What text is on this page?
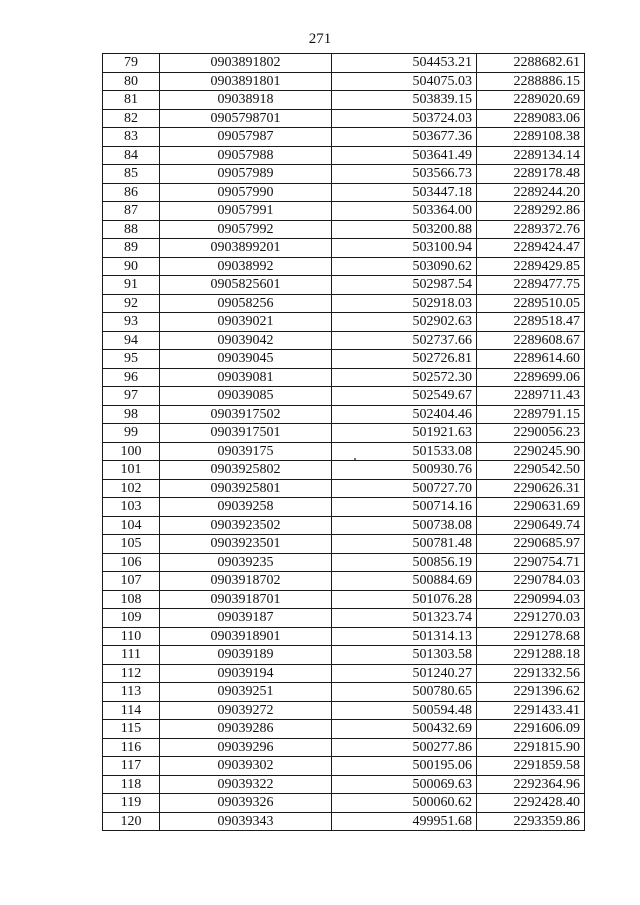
271
79	0903891802	504453.21	2288682.61
80	0903891801	504075.03	2288886.15
81	09038918	503839.15	2289020.69
82	0905798701	503724.03	2289083.06
83	09057987	503677.36	2289108.38
84	09057988	503641.49	2289134.14
85	09057989	503566.73	2289178.48
86	09057990	503447.18	2289244.20
87	09057991	503364.00	2289292.86
88	09057992	503200.88	2289372.76
89	0903899201	503100.94	2289424.47
90	09038992	503090.62	2289429.85
91	0905825601	502987.54	2289477.75
92	09058256	502918.03	2289510.05
93	09039021	502902.63	2289518.47
94	09039042	502737.66	2289608.67
95	09039045	502726.81	2289614.60
96	09039081	502572.30	2289699.06
97	09039085	502549.67	2289711.43
98	0903917502	502404.46	2289791.15
99	0903917501	501921.63	2290056.23
100	09039175	501533.08	2290245.90
101	0903925802	500930.76	2290542.50
102	0903925801	500727.70	2290626.31
103	09039258	500714.16	2290631.69
104	0903923502	500738.08	2290649.74
105	0903923501	500781.48	2290685.97
106	09039235	500856.19	2290754.71
107	0903918702	500884.69	2290784.03
108	0903918701	501076.28	2290994.03
109	09039187	501323.74	2291270.03
110	0903918901	501314.13	2291278.68
111	09039189	501303.58	2291288.18
112	09039194	501240.27	2291332.56
113	09039251	500780.65	2291396.62
114	09039272	500594.48	2291433.41
115	09039286	500432.69	2291606.09
116	09039296	500277.86	2291815.90
117	09039302	500195.06	2291859.58
118	09039322	500069.63	2292364.96
119	09039326	500060.62	2292428.40
120	09039343	499951.68	2293359.86
